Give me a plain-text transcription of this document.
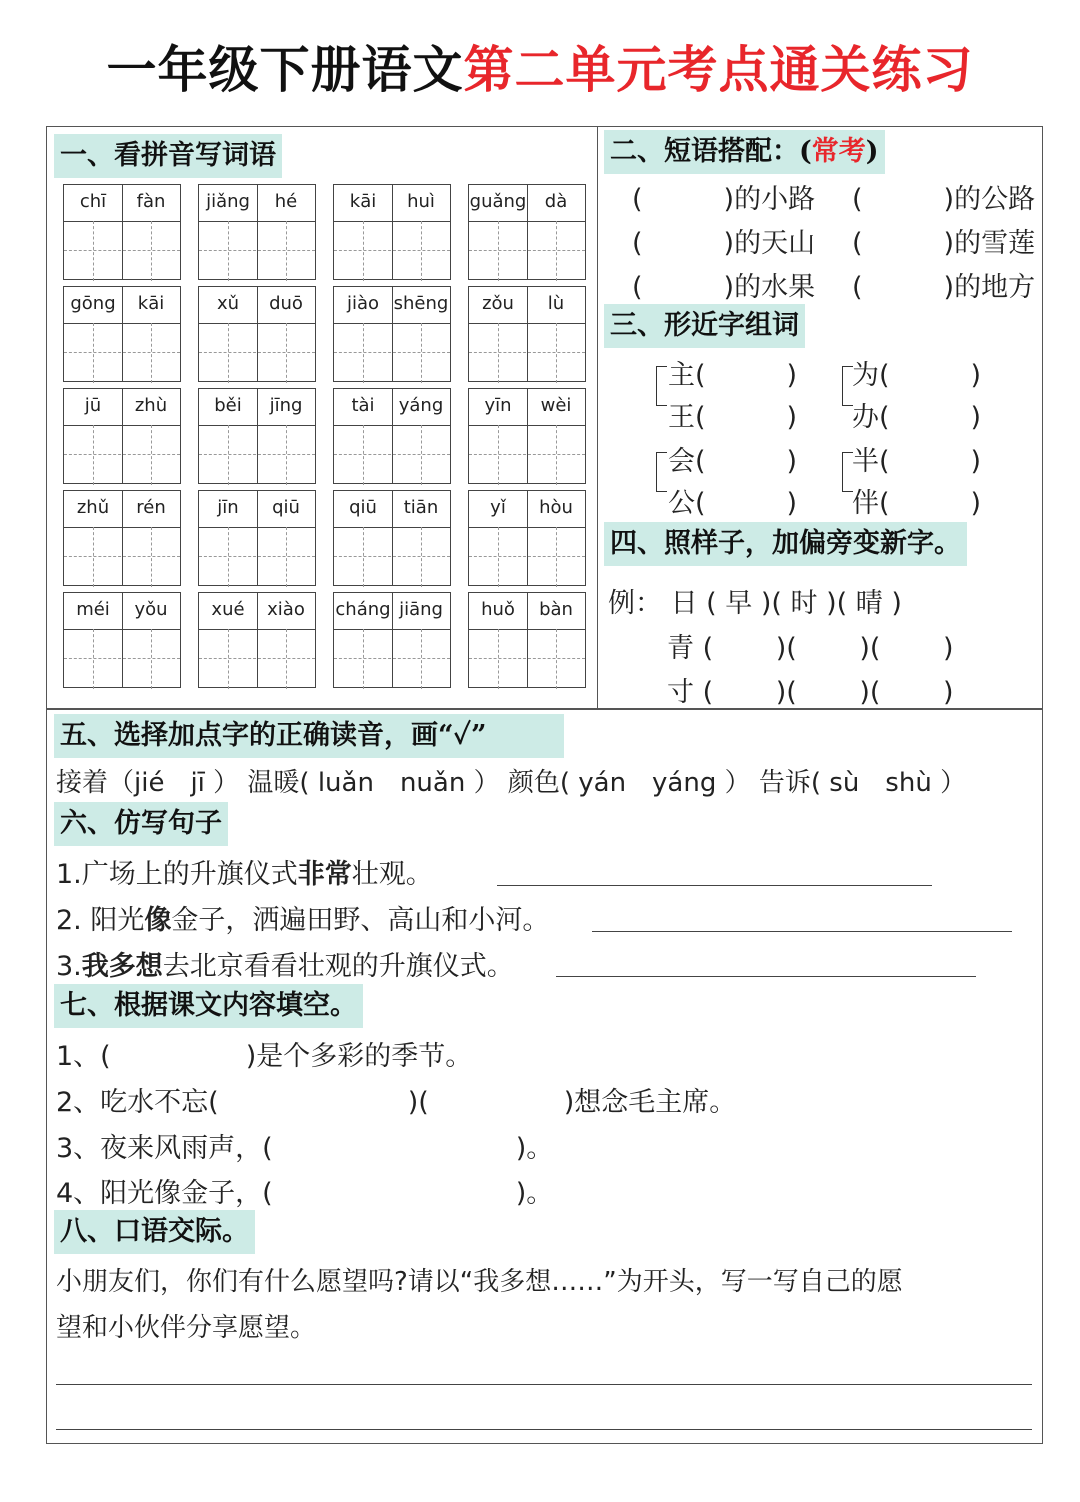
一年级下册语文第二单元考点通关练习
一、看拼音写词语
chī	fàn	jiǎng	hé	kāi	huì	guǎng	dà
gōng	kāi	xǔ	duō	jiào shēng	zǒu	lù
jū	zhù	běi	jīng	tài	yáng	yīn	wèi
zhǔ	rén	jīn	qiū	qiū	tiān	yǐ	hòu
méi	yǒu	xué	xiào	cháng jiāng	huǒ	bàn
二、短语搭配：(常考)
(　　　)的小路 (　　　)的公路
(　　　)的天山 (　　　)的雪莲
(　　　)的水果 (　　　)的地方
三、形近字组词
主(　　　)
王(　　　)
为(　　　)
办(　　　)
会(　　　)
公(　　　)
半(　　　)
伴(　　　)
四、照样子，加偏旁变新字。
例： 日 ( 早 )( 时 )( 晴 )
青 (　　 )(　　 )(　　 )
寸 (　　 )(　　 )(　　 )
五、选择加点字的正确读音，画“✓”
接着（jié　jī ） 温暖( luǎn　nuǎn ） 颜色( yán　yáng ） 告诉( sù　shù ）
六、仿写句子
1.广场上的升旗仪式非常壮观。
2. 阳光像金子，洒遍田野、高山和小河。
3.我多想去北京看看壮观的升旗仪式。
七、根据课文内容填空。
1、(　　　　　)是个多彩的季节。
2、吃水不忘(　　　　　　　)(　　　　　)想念毛主席。
3、夜来风雨声，(　　　　　　　　　)。
4、阳光像金子，(　　　　　　　　　)。
八、口语交际。
小朋友们，你们有什么愿望吗?请以“我多想……”为开头，写一写自己的愿
望和小伙伴分享愿望。
